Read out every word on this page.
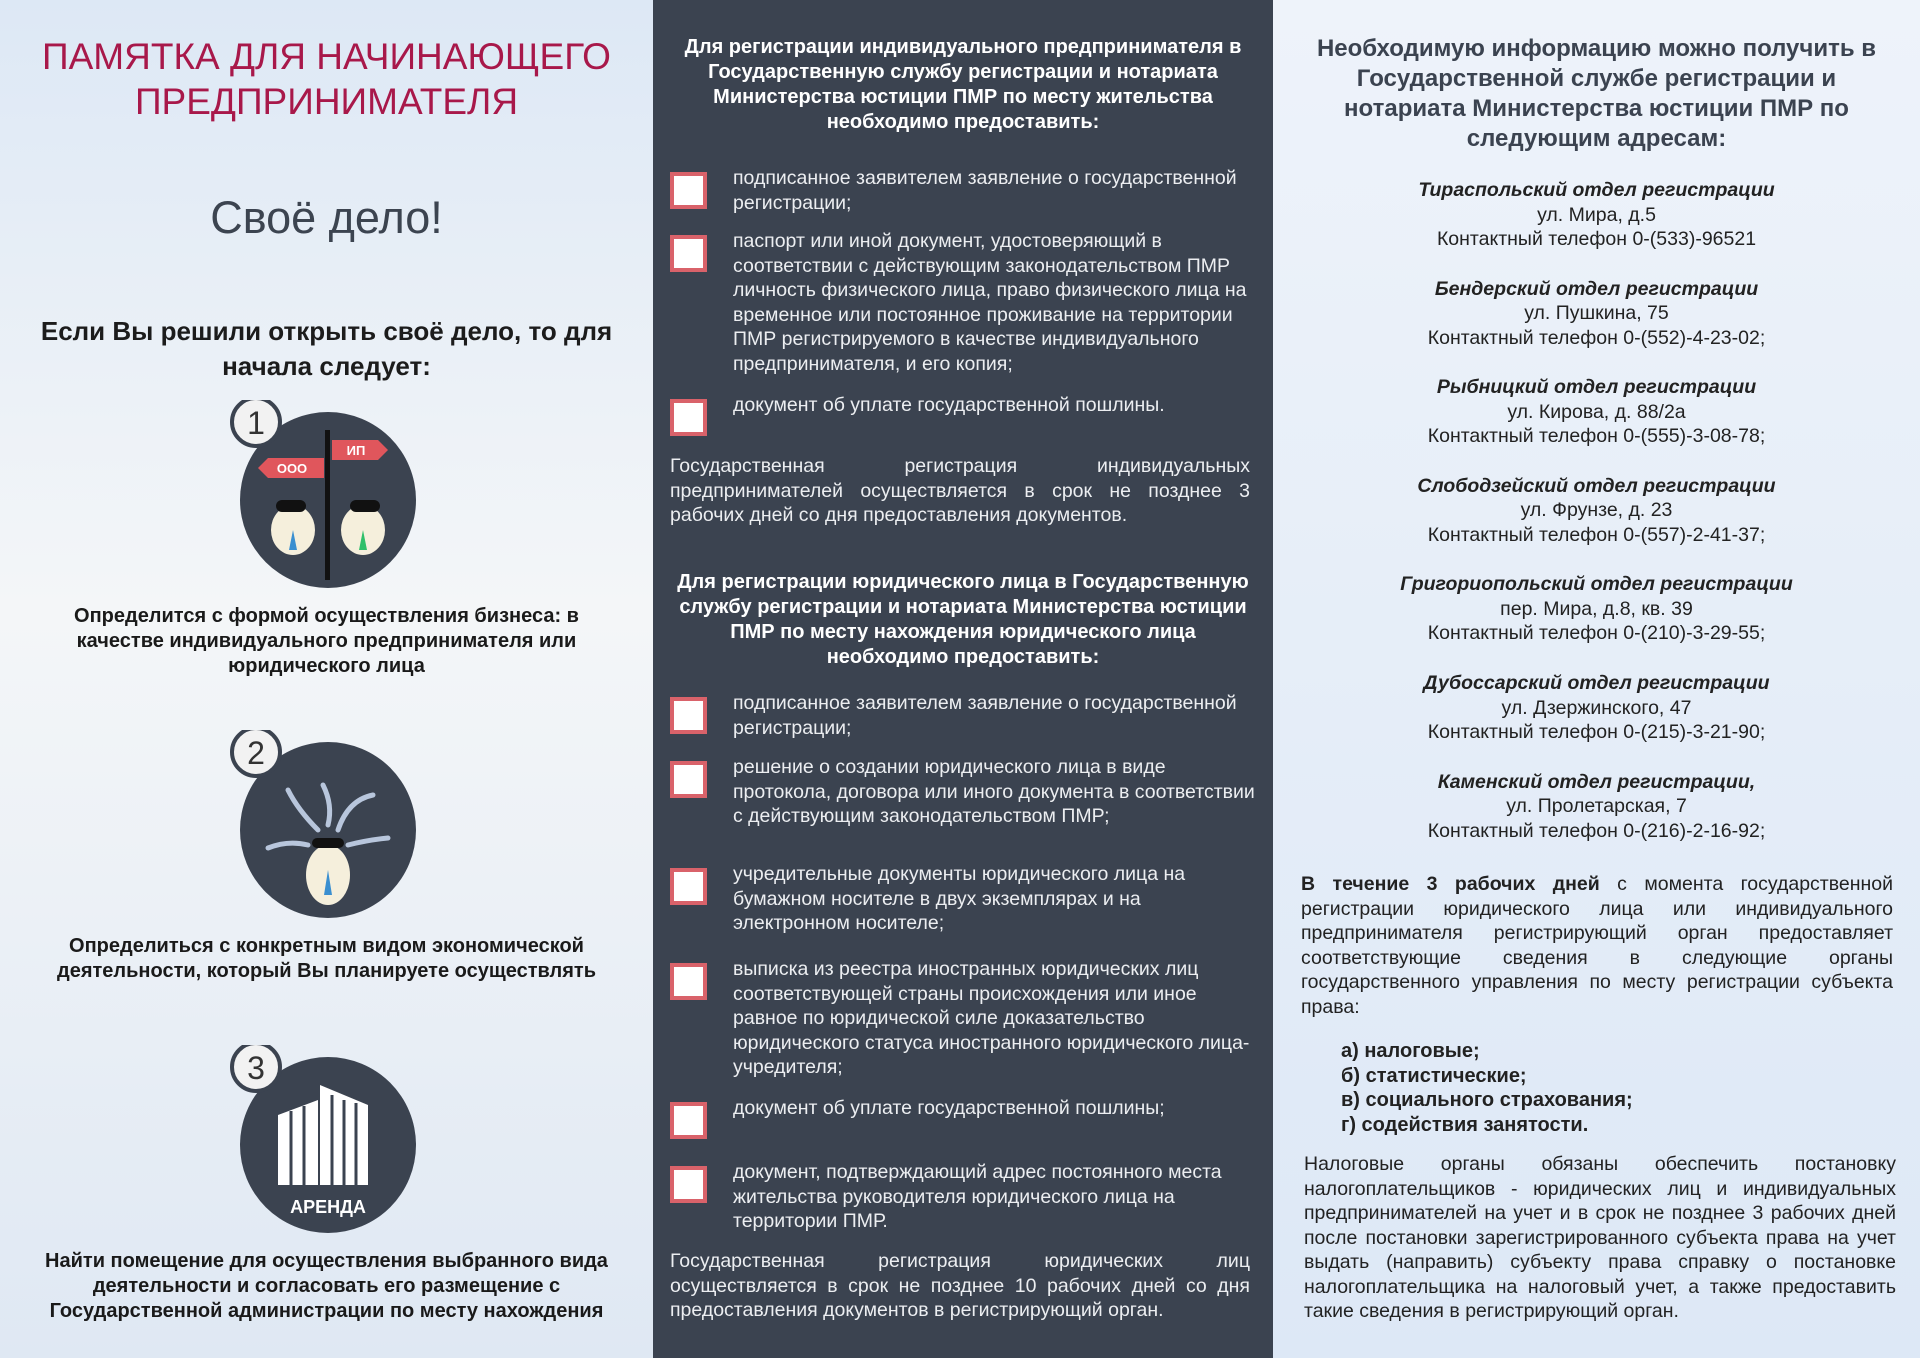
ПАМЯТКА ДЛЯ НАЧИНАЮЩЕГО ПРЕДПРИНИМАТЕЛЯ
Своё дело!
Если Вы решили открыть своё дело, то для начала следует:
ИП
ООО
1
Определится с формой осуществления бизнеса: в качестве индивидуального предпринимателя или юридического лица
2
Определиться с конкретным видом экономической деятельности, который Вы планируете осуществлять
АРЕНДА
3
Найти помещение для осуществления выбранного вида деятельности и согласовать его размещение с Государственной администрации по месту нахождения
Для регистрации индивидуального предпринимателя в Государственную службу регистрации и нотариата Министерства юстиции ПМР по месту жительства необходимо предоставить:
подписанное заявителем заявление о государственной регистрации;
паспорт или иной документ, удостоверяющий в соответствии с действующим законодательством ПМР личность физического лица, право физического лица на временное или постоянное проживание на территории ПМР регистрируемого в качестве индивидуального предпринимателя, и его копия;
документ об уплате государственной пошлины.
Государственная регистрация индивидуальных предпринимателей осуществляется в срок не позднее 3 рабочих дней со дня предоставления документов.
Для регистрации юридического лица в Государственную службу регистрации и нотариата Министерства юстиции ПМР по месту нахождения юридического лица необходимо предоставить:
подписанное заявителем заявление о государственной регистрации;
решение о создании юридического лица в виде протокола, договора или иного документа в соответствии с действующим законодательством ПМР;
учредительные документы юридического лица на бумажном носителе в двух экземплярах и на электронном носителе;
выписка из реестра иностранных юридических лиц соответствующей страны происхождения или иное равное по юридической силе доказательство юридического статуса иностранного юридического лица-учредителя;
документ об уплате государственной пошлины;
документ, подтверждающий адрес постоянного места жительства руководителя юридического лица на территории ПМР.
Государственная регистрация юридических лиц осуществляется в срок не позднее 10 рабочих дней со дня предоставления документов в регистрирующий орган.
Необходимую информацию можно получить в Государственной службе регистрации и нотариата Министерства юстиции ПМР по следующим адресам:
Тираспольский отдел регистрации
ул. Мира, д.5
Контактный телефон 0-(533)-96521
Бендерский отдел регистрации
ул. Пушкина, 75
Контактный телефон 0-(552)-4-23-02;
Рыбницкий отдел регистрации
ул. Кирова, д. 88/2а
Контактный телефон 0-(555)-3-08-78;
Слободзейский отдел регистрации
ул. Фрунзе, д. 23
Контактный телефон 0-(557)-2-41-37;
Григориопольский отдел регистрации
пер. Мира, д.8, кв. 39
Контактный телефон 0-(210)-3-29-55;
Дубоссарский отдел регистрации
ул. Дзержинского, 47
Контактный телефон 0-(215)-3-21-90;
Каменский отдел регистрации,
ул. Пролетарская, 7
Контактный телефон 0-(216)-2-16-92;
В течение 3 рабочих дней с момента государственной регистрации юридического лица или индивидуального предпринимателя регистрирующий орган предоставляет соответствующие сведения в следующие органы государственного управления по месту регистрации субъекта права:
а) налоговые;
б) статистические;
в) социального страхования;
г) содействия занятости.
Налоговые органы обязаны обеспечить постановку налогоплательщиков - юридических лиц и индивидуальных предпринимателей на учет и в срок не позднее 3 рабочих дней после постановки зарегистрированного субъекта права на учет выдать (направить) субъекту права справку о постановке налогоплательщика на налоговый учет, а также предоставить такие сведения в регистрирующий орган.
